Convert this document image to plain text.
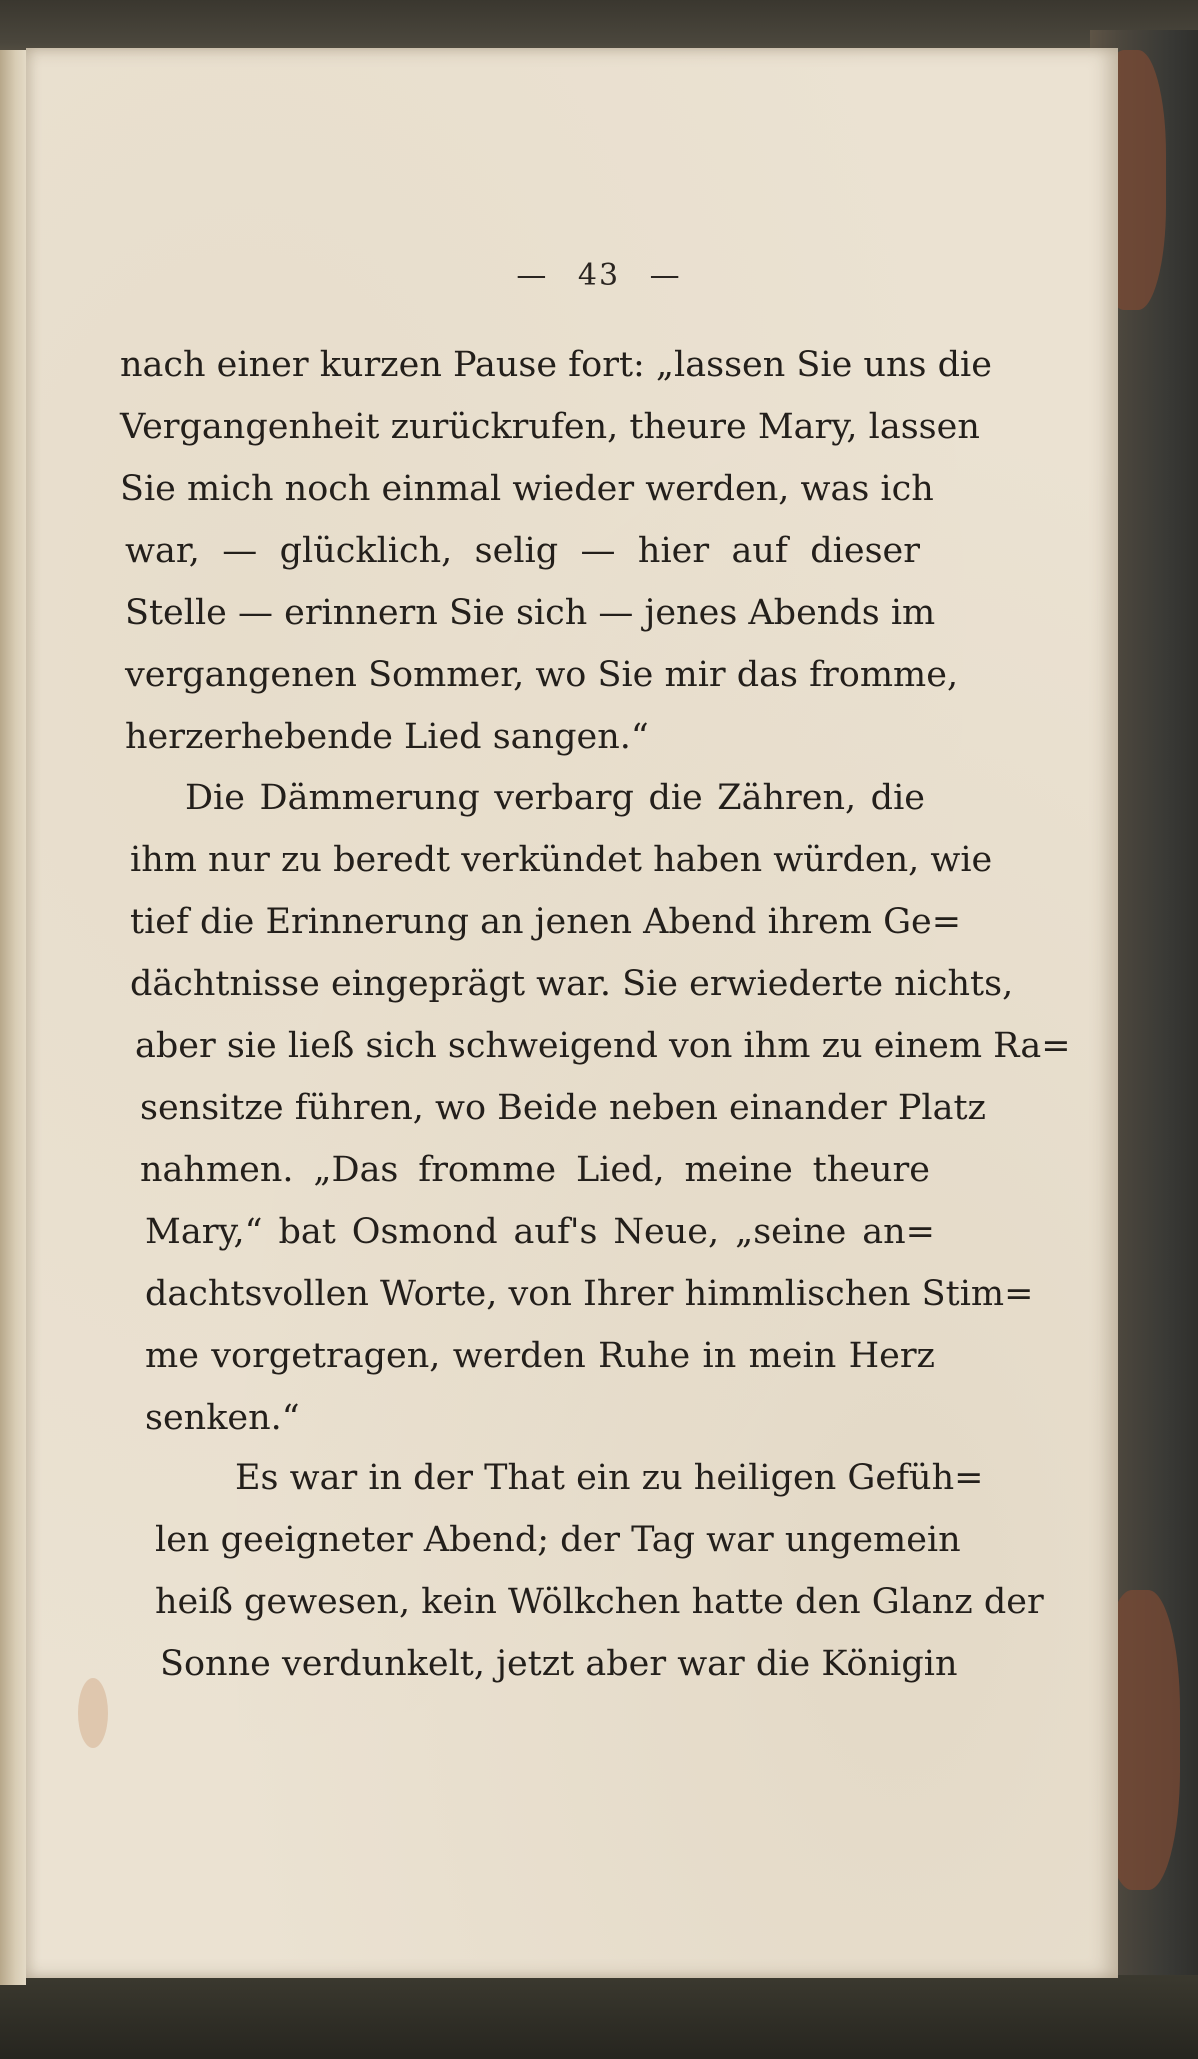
— 43 —
nach einer kurzen Pause fort: „lassen Sie uns die
Vergangenheit zurückrufen, theure Mary, lassen
Sie mich noch einmal wieder werden, was ich
war, — glücklich, selig — hier auf dieser
Stelle — erinnern Sie sich — jenes Abends im
vergangenen Sommer, wo Sie mir das fromme,
herzerhebende Lied sangen.“
Die Dämmerung verbarg die Zähren, die
ihm nur zu beredt verkündet haben würden, wie
tief die Erinnerung an jenen Abend ihrem Ge=
dächtnisse eingeprägt war. Sie erwiederte nichts,
aber sie ließ sich schweigend von ihm zu einem Ra=
sensitze führen, wo Beide neben einander Platz
nahmen. „Das fromme Lied, meine theure
Mary,“ bat Osmond auf's Neue, „seine an=
dachtsvollen Worte, von Ihrer himmlischen Stim=
me vorgetragen, werden Ruhe in mein Herz
senken.“
Es war in der That ein zu heiligen Gefüh=
len geeigneter Abend; der Tag war ungemein
heiß gewesen, kein Wölkchen hatte den Glanz der
Sonne verdunkelt, jetzt aber war die Königin
